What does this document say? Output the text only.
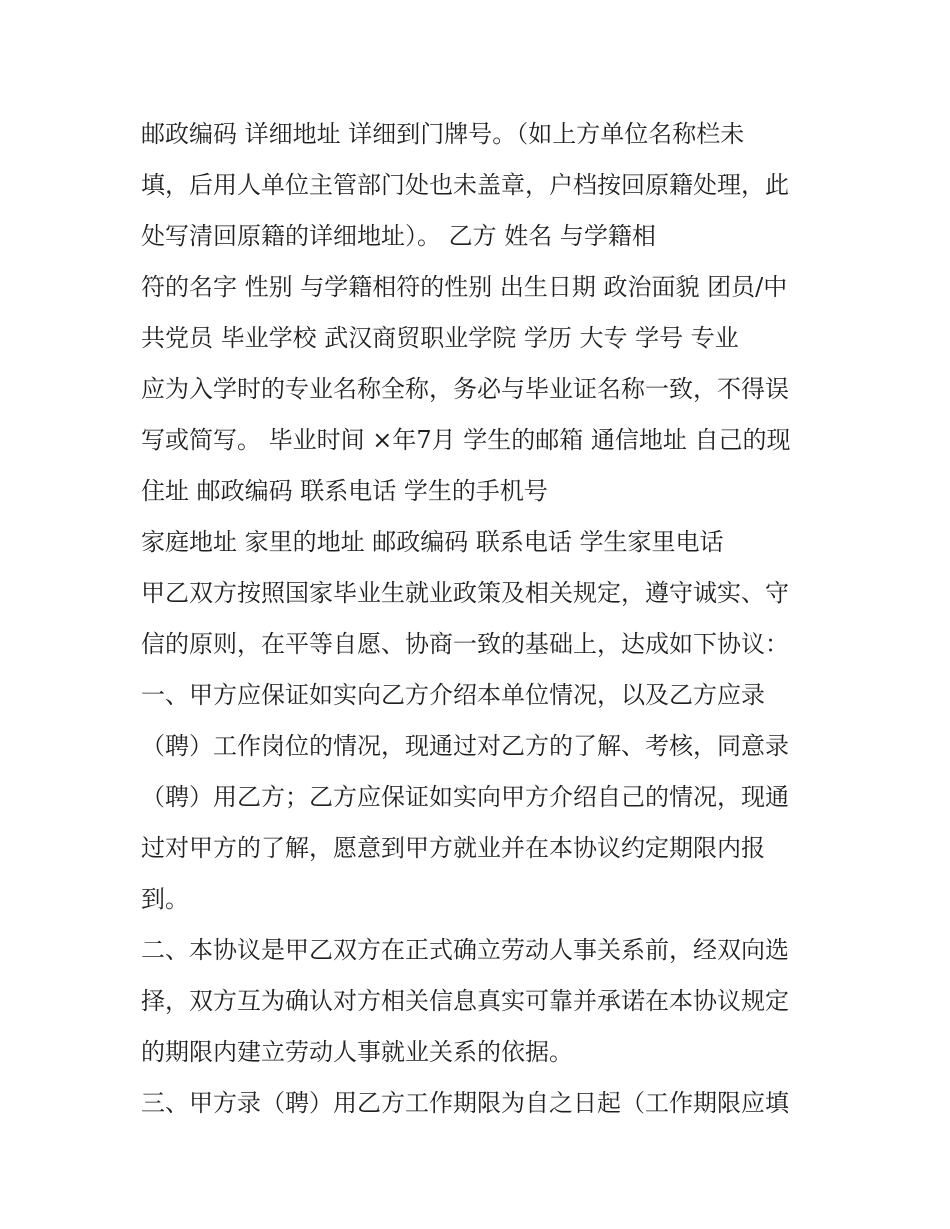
邮政编码 详细地址 详细到门牌号。（如上方单位名称栏未
填，后用人单位主管部门处也未盖章，户档按回原籍处理，此
处写清回原籍的详细地址）。 乙方 姓名 与学籍相
符的名字 性别 与学籍相符的性别 出生日期 政治面貌 团员/中
共党员 毕业学校 武汉商贸职业学院 学历 大专 学号 专业
应为入学时的专业名称全称，务必与毕业证名称一致，不得误
写或简写。 毕业时间 ×年7月 学生的邮箱 通信地址 自己的现
住址 邮政编码 联系电话 学生的手机号
家庭地址 家里的地址 邮政编码 联系电话 学生家里电话
甲乙双方按照国家毕业生就业政策及相关规定，遵守诚实、守
信的原则，在平等自愿、协商一致的基础上，达成如下协议：
一、甲方应保证如实向乙方介绍本单位情况，以及乙方应录
（聘）工作岗位的情况，现通过对乙方的了解、考核，同意录
（聘）用乙方；乙方应保证如实向甲方介绍自己的情况，现通
过对甲方的了解，愿意到甲方就业并在本协议约定期限内报
到。
二、本协议是甲乙双方在正式确立劳动人事关系前，经双向选
择，双方互为确认对方相关信息真实可靠并承诺在本协议规定
的期限内建立劳动人事就业关系的依据。
三、甲方录（聘）用乙方工作期限为自之日起（工作期限应填
